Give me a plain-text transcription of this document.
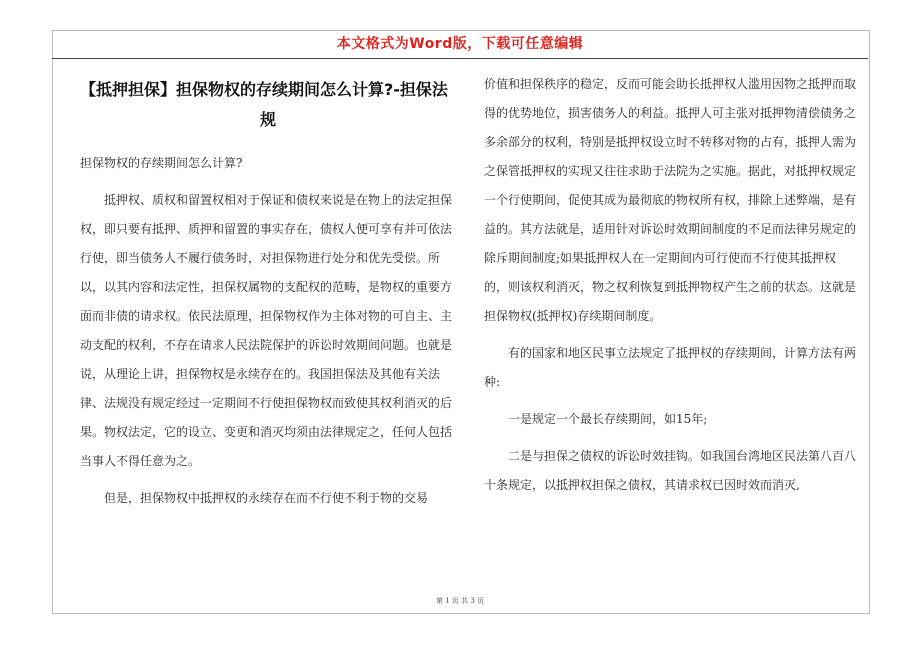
本文格式为Word版，下载可任意编辑
【抵押担保】担保物权的存续期间怎么计算?-担保法
规

担保物权的存续期间怎么计算?

抵押权、质权和留置权相对于保证和债权来说是在物上的法定担保权，即只要有抵押、质押和留置的事实存在，债权人便可享有并可依法行使，即当债务人不履行债务时，对担保物进行处分和优先受偿。所以，以其内容和法定性，担保权属物的支配权的范畴，是物权的重要方面而非债的请求权。依民法原理，担保物权作为主体对物的可自主、主动支配的权利，不存在请求人民法院保护的诉讼时效期间问题。也就是说，从理论上讲，担保物权是永续存在的。我国担保法及其他有关法律、法规没有规定经过一定期间不行使担保物权而致使其权利消灭的后果。物权法定，它的设立、变更和消灭均须由法律规定之，任何人包括当事人不得任意为之。

但是，担保物权中抵押权的永续存在而不行使不利于物的交易

价值和担保秩序的稳定，反而可能会助长抵押权人滥用因物之抵押而取得的优势地位，损害债务人的利益。抵押人可主张对抵押物清偿债务之多余部分的权利，特别是抵押权设立时不转移对物的占有，抵押人需为之保管抵押权的实现又往往求助于法院为之实施。据此，对抵押权规定一个行使期间，促使其成为最彻底的物权所有权，排除上述弊端，是有益的。其方法就是，适用针对诉讼时效期间制度的不足而法律另规定的除斥期间制度;如果抵押权人在一定期间内可行使而不行使其抵押权的，则该权利消灭，物之权利恢复到抵押物权产生之前的状态。这就是担保物权(抵押权)存续期间制度。

有的国家和地区民事立法规定了抵押权的存续期间，计算方法有两种:

一是规定一个最长存续期间，如15年;

二是与担保之债权的诉讼时效挂钩。如我国台湾地区民法第八百八十条规定，以抵押权担保之债权，其请求权已因时效而消灭,

第 1 页 共 3 页
